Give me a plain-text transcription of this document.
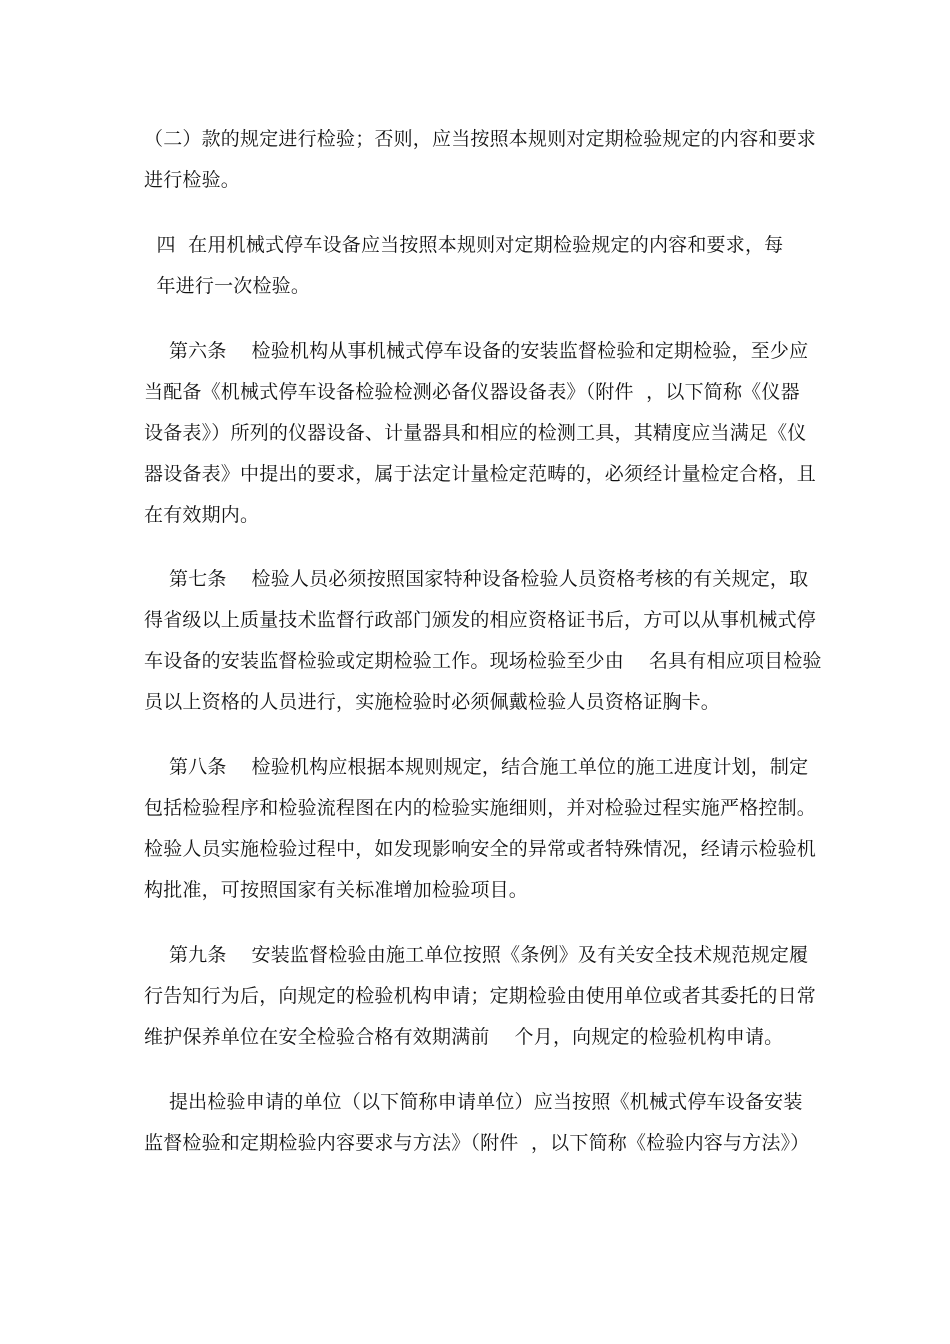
（二）款的规定进行检验；否则，应当按照本规则对定期检验规定的内容和要求
进行检验。
四  在用机械式停车设备应当按照本规则对定期检验规定的内容和要求，每
年进行一次检验。
第六条    检验机构从事机械式停车设备的安装监督检验和定期检验，至少应
当配备《机械式停车设备检验检测必备仪器设备表》（附件  ，以下简称《仪器
设备表》）所列的仪器设备、计量器具和相应的检测工具，其精度应当满足《仪
器设备表》中提出的要求，属于法定计量检定范畴的，必须经计量检定合格，且
在有效期内。
第七条    检验人员必须按照国家特种设备检验人员资格考核的有关规定，取
得省级以上质量技术监督行政部门颁发的相应资格证书后，方可以从事机械式停
车设备的安装监督检验或定期检验工作。现场检验至少由    名具有相应项目检验
员以上资格的人员进行，实施检验时必须佩戴检验人员资格证胸卡。
第八条    检验机构应根据本规则规定，结合施工单位的施工进度计划，制定
包括检验程序和检验流程图在内的检验实施细则，并对检验过程实施严格控制。
检验人员实施检验过程中，如发现影响安全的异常或者特殊情况，经请示检验机
构批准，可按照国家有关标准增加检验项目。
第九条    安装监督检验由施工单位按照《条例》及有关安全技术规范规定履
行告知行为后，向规定的检验机构申请；定期检验由使用单位或者其委托的日常
维护保养单位在安全检验合格有效期满前    个月，向规定的检验机构申请。
提出检验申请的单位（以下简称申请单位）应当按照《机械式停车设备安装
监督检验和定期检验内容要求与方法》（附件  ，以下简称《检验内容与方法》）
